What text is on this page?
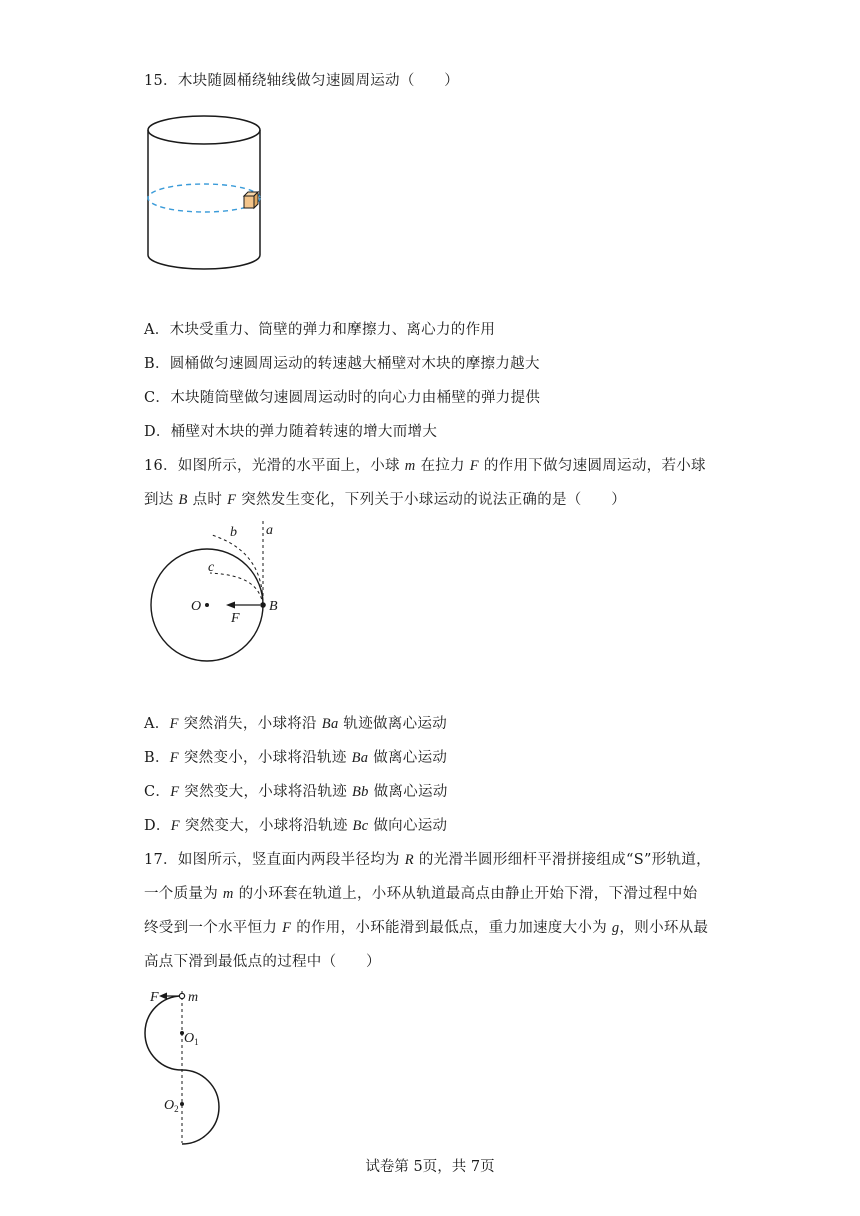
15．木块随圆桶绕轴线做匀速圆周运动（　　）
A．木块受重力、筒壁的弹力和摩擦力、离心力的作用
B．圆桶做匀速圆周运动的转速越大桶壁对木块的摩擦力越大
C．木块随筒壁做匀速圆周运动时的向心力由桶壁的弹力提供
D．桶壁对木块的弹力随着转速的增大而增大
16．如图所示，光滑的水平面上，小球 m 在拉力 F 的作用下做匀速圆周运动，若小球
到达 B 点时 F 突然发生变化，下列关于小球运动的说法正确的是（　　）
a
b
c
O
F
B
A．F 突然消失，小球将沿 Ba 轨迹做离心运动
B．F 突然变小，小球将沿轨迹 Ba 做离心运动
C．F 突然变大，小球将沿轨迹 Bb 做离心运动
D．F 突然变大，小球将沿轨迹 Bc 做向心运动
17．如图所示，竖直面内两段半径均为 R 的光滑半圆形细杆平滑拼接组成“S”形轨道，
一个质量为 m 的小环套在轨道上，小环从轨道最高点由静止开始下滑，下滑过程中始
终受到一个水平恒力 F 的作用，小环能滑到最低点，重力加速度大小为 g，则小环从最
高点下滑到最低点的过程中（　　）
F m
$O_1$
$O_2$
试卷第 5页，共 7页
